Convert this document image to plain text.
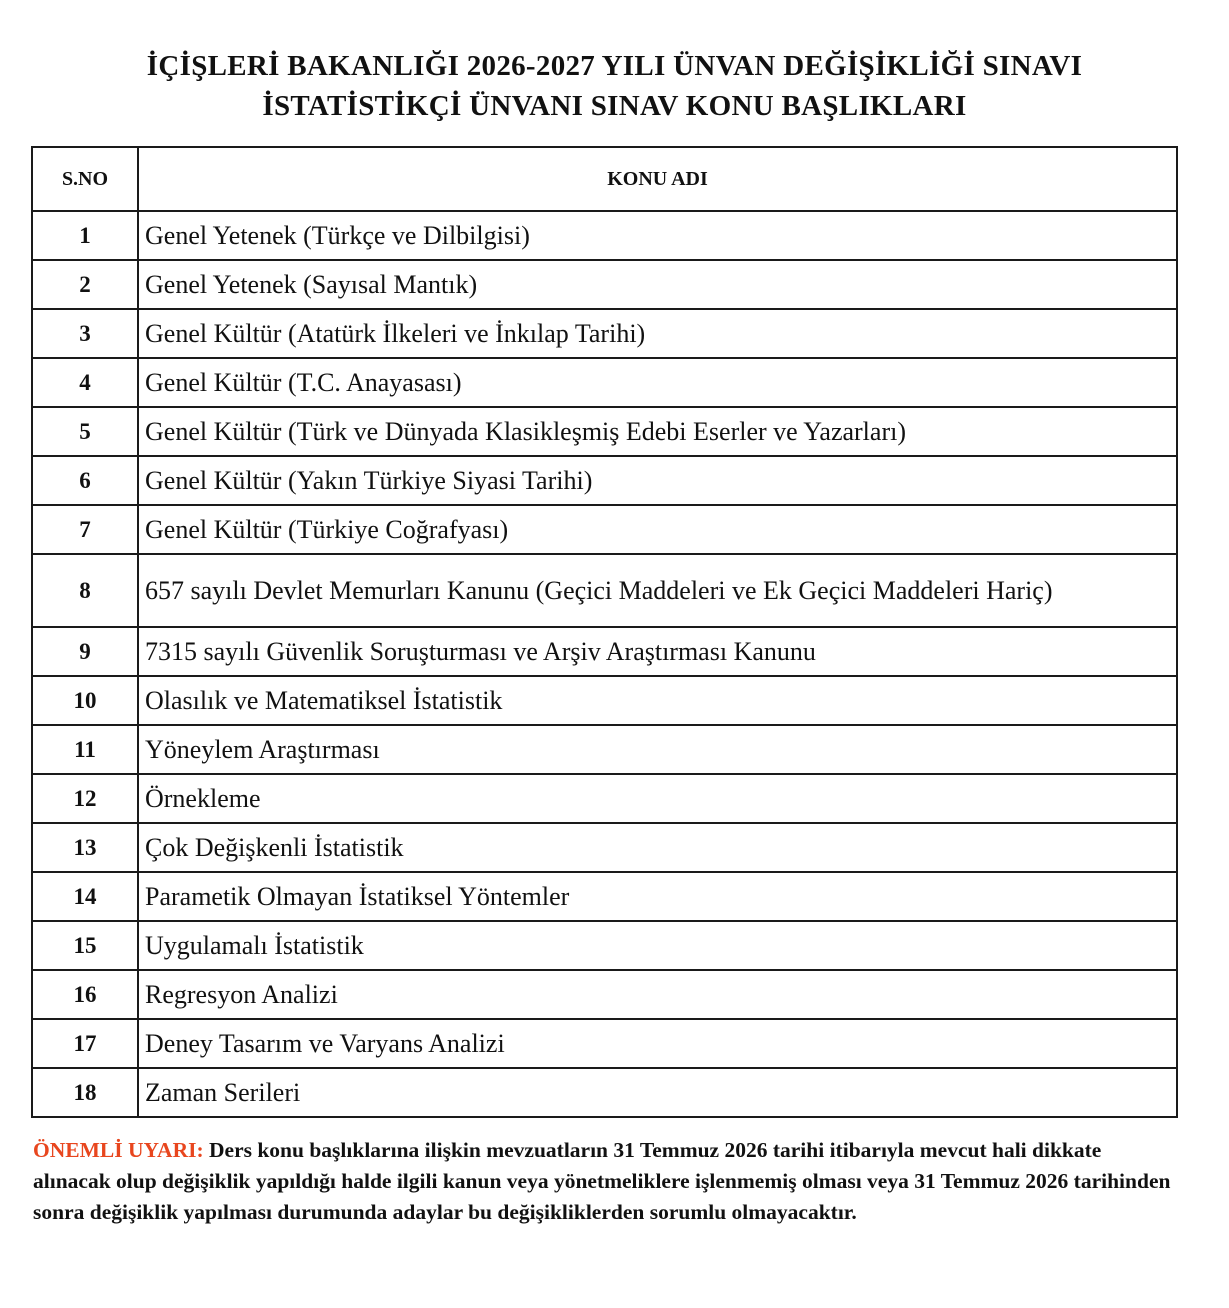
İÇİŞLERİ BAKANLIĞI 2026-2027 YILI ÜNVAN DEĞİŞİKLİĞİ SINAVI
İSTATİSTİKÇİ ÜNVANI SINAV KONU BAŞLIKLARI
S.NO	KONU ADI
1	Genel Yetenek (Türkçe ve Dilbilgisi)
2	Genel Yetenek (Sayısal Mantık)
3	Genel Kültür (Atatürk İlkeleri ve İnkılap Tarihi)
4	Genel Kültür (T.C. Anayasası)
5	Genel Kültür (Türk ve Dünyada Klasikleşmiş Edebi Eserler ve Yazarları)
6	Genel Kültür (Yakın Türkiye Siyasi Tarihi)
7	Genel Kültür (Türkiye Coğrafyası)
8	657 sayılı Devlet Memurları Kanunu (Geçici Maddeleri ve Ek Geçici Maddeleri Hariç)
9	7315 sayılı Güvenlik Soruşturması ve Arşiv Araştırması Kanunu
10	Olasılık ve Matematiksel İstatistik
11	Yöneylem Araştırması
12	Örnekleme
13	Çok Değişkenli İstatistik
14	Parametik Olmayan İstatiksel Yöntemler
15	Uygulamalı İstatistik
16	Regresyon Analizi
17	Deney Tasarım ve Varyans Analizi
18	Zaman Serileri
ÖNEMLİ UYARI: Ders konu başlıklarına ilişkin mevzuatların 31 Temmuz 2026 tarihi itibarıyla mevcut hali dikkate alınacak olup değişiklik yapıldığı halde ilgili kanun veya yönetmeliklere işlenmemiş olması veya 31 Temmuz 2026 tarihinden sonra değişiklik yapılması durumunda adaylar bu değişikliklerden sorumlu olmayacaktır.
